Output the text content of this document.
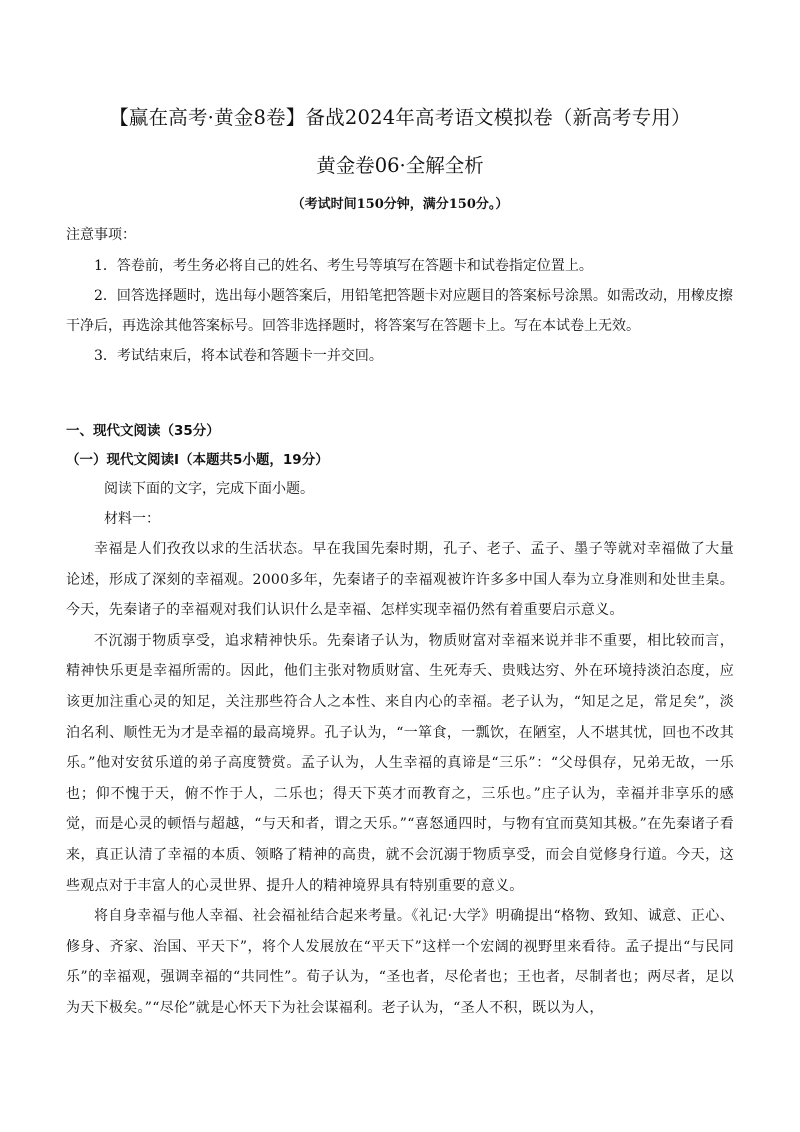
【赢在高考·黄金8卷】备战2024年高考语文模拟卷（新高考专用）
黄金卷06·全解全析
（考试时间150分钟，满分150分。）
注意事项：

1．答卷前，考生务必将自己的姓名、考生号等填写在答题卡和试卷指定位置上。

2．回答选择题时，选出每小题答案后，用铅笔把答题卡对应题目的答案标号涂黑。如需改动，用橡皮擦干净后，再选涂其他答案标号。回答非选择题时，将答案写在答题卡上。写在本试卷上无效。

3．考试结束后，将本试卷和答题卡一并交回。

一、现代文阅读（35分）
（一）现代文阅读Ⅰ（本题共5小题，19分）
阅读下面的文字，完成下面小题。
材料一：

幸福是人们孜孜以求的生活状态。早在我国先秦时期，孔子、老子、孟子、墨子等就对幸福做了大量论述，形成了深刻的幸福观。2000多年，先秦诸子的幸福观被许许多多中国人奉为立身准则和处世圭臬。今天，先秦诸子的幸福观对我们认识什么是幸福、怎样实现幸福仍然有着重要启示意义。

不沉溺于物质享受，追求精神快乐。先秦诸子认为，物质财富对幸福来说并非不重要，相比较而言，精神快乐更是幸福所需的。因此，他们主张对物质财富、生死寿夭、贵贱达穷、外在环境持淡泊态度，应该更加注重心灵的知足，关注那些符合人之本性、来自内心的幸福。老子认为，“知足之足，常足矣”，淡泊名利、顺性无为才是幸福的最高境界。孔子认为，“一箪食，一瓢饮，在陋室，人不堪其忧，回也不改其乐。”他对安贫乐道的弟子高度赞赏。孟子认为，人生幸福的真谛是“三乐”：“父母俱存，兄弟无故，一乐也；仰不愧于天，俯不怍于人，二乐也；得天下英才而教育之，三乐也。”庄子认为，幸福并非享乐的感觉，而是心灵的顿悟与超越，“与天和者，谓之天乐。”“喜怒通四时，与物有宜而莫知其极。”在先秦诸子看来，真正认清了幸福的本质、领略了精神的高贵，就不会沉溺于物质享受，而会自觉修身行道。今天，这些观点对于丰富人的心灵世界、提升人的精神境界具有特别重要的意义。

将自身幸福与他人幸福、社会福祉结合起来考量。《礼记·大学》明确提出“格物、致知、诚意、正心、修身、齐家、治国、平天下”，将个人发展放在“平天下”这样一个宏阔的视野里来看待。孟子提出“与民同乐”的幸福观，强调幸福的“共同性”。荀子认为，“圣也者，尽伦者也；王也者，尽制者也；两尽者，足以为天下极矣。”“尽伦”就是心怀天下为社会谋福利。老子认为，“圣人不积，既以为人，
